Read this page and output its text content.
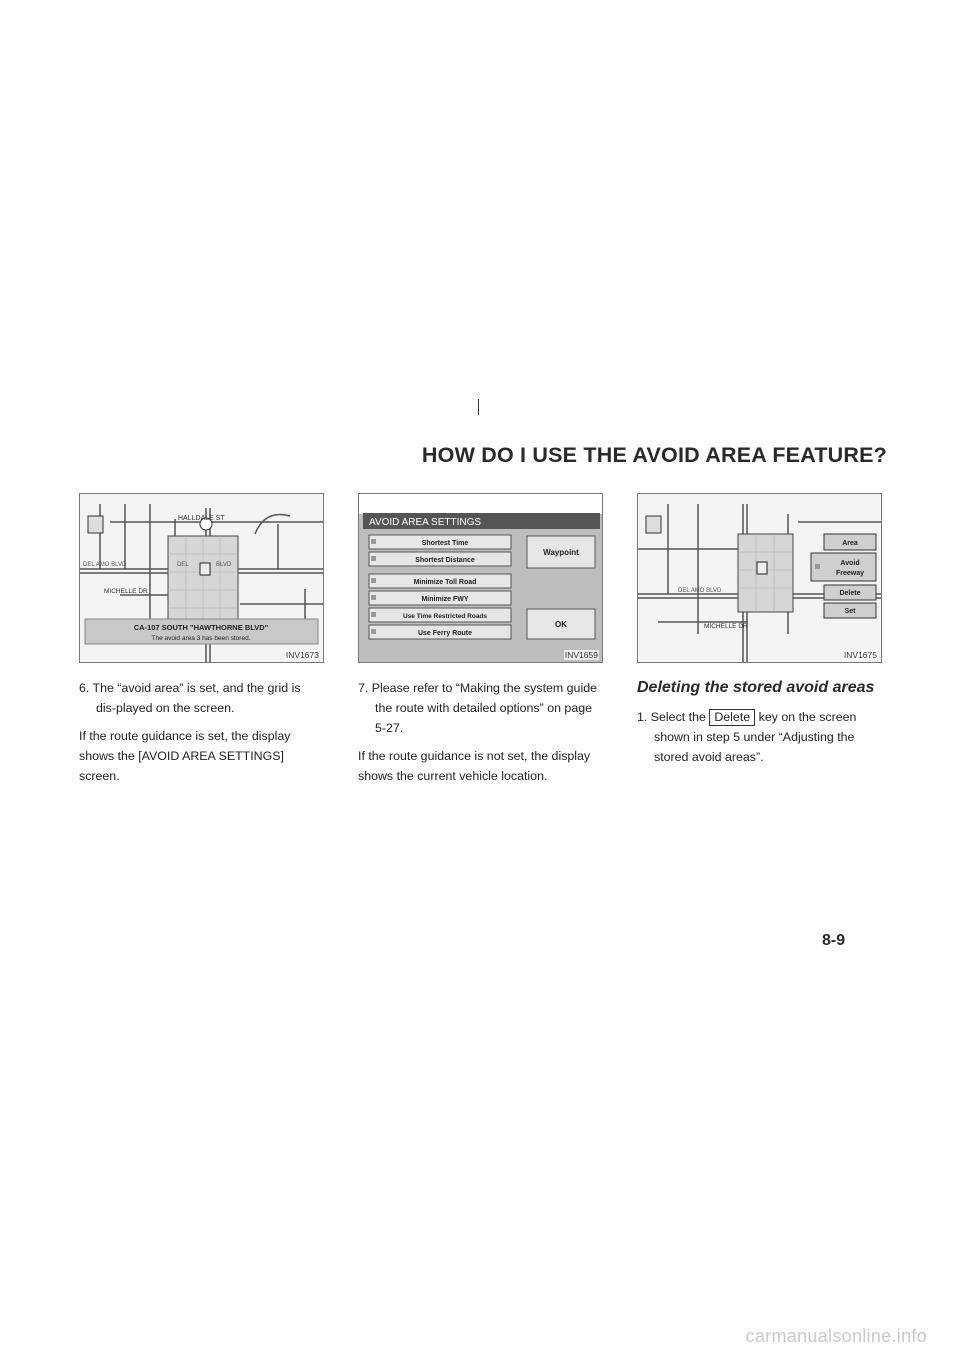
HOW DO I USE THE AVOID AREA FEATURE?
HALLDALE ST
DEL AMO BLVD	DEL	BLVD
MICHELLE DR
CA-107 SOUTH "HAWTHORNE BLVD"
The avoid area 3 has been stored.
INV1673
AVOID AREA SETTINGS
Shortest Time
Shortest Distance
Minimize Toll Road
Minimize FWY
Use Time Restricted Roads
Use Ferry Route
Waypoint
OK
INV1659
MICHELLE DR
DEL AMO BLVD
Area
Avoid
Freeway
Delete
Set
INV1675

6. The “avoid area” is set, and the grid is dis-played on the screen.

If the route guidance is set, the display shows the [AVOID AREA SETTINGS] screen.

7. Please refer to “Making the system guide the route with detailed options” on page 5-27.

If the route guidance is not set, the display shows the current vehicle location.

Deleting the stored avoid areas

1. Select the Delete key on the screen shown in step 5 under “Adjusting the stored avoid areas”.

8-9
carmanualsonline.info
